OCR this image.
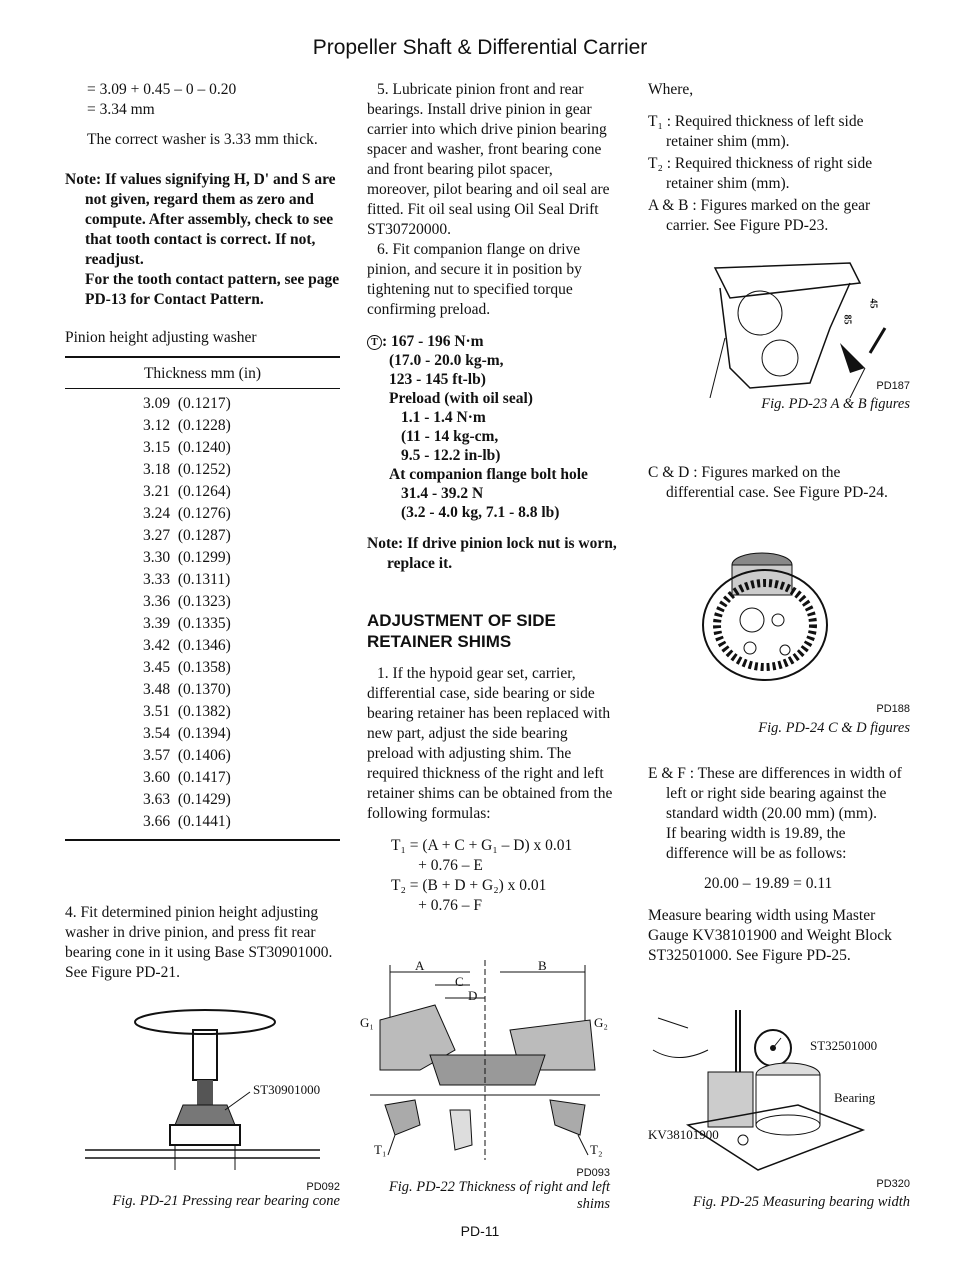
Propeller Shaft & Differential Carrier
= 3.09 + 0.45 – 0 – 0.20
= 3.34 mm

The correct washer is 3.33 mm thick.

Note: If values signifying H, D' and S are not given, regard them as zero and compute. After assembly, check to see that tooth contact is correct. If not, readjust.

For the tooth contact pattern, see page PD-13 for Contact Pattern.

Pinion height adjusting washer
Thickness mm (in)
3.09  (0.1217)
3.12  (0.1228)
3.15  (0.1240)
3.18  (0.1252)
3.21  (0.1264)
3.24  (0.1276)
3.27  (0.1287)
3.30  (0.1299)
3.33  (0.1311)
3.36  (0.1323)
3.39  (0.1335)
3.42  (0.1346)
3.45  (0.1358)
3.48  (0.1370)
3.51  (0.1382)
3.54  (0.1394)
3.57  (0.1406)
3.60  (0.1417)
3.63  (0.1429)
3.66  (0.1441)

4. Fit determined pinion height adjusting washer in drive pinion, and press fit rear bearing cone in it using Base ST30901000. See Figure PD-21.

ST30901000
PD092
Fig. PD-21 Pressing rear bearing cone

5. Lubricate pinion front and rear bearings. Install drive pinion in gear carrier into which drive pinion bearing spacer and washer, front bearing cone and front bearing pilot spacer, moreover, pilot bearing and oil seal are fitted. Fit oil seal using Oil Seal Drift ST30720000.

6. Fit companion flange on drive pinion, and secure it in position by tightening nut to specified torque confirming preload.

T : 167 - 196 N·m
(17.0 - 20.0 kg-m,
123 - 145 ft-lb)
Preload (with oil seal)
1.1 - 1.4 N·m
(11 - 14 kg-cm,
9.5 - 12.2 in-lb)
At companion flange bolt hole
31.4 - 39.2 N
(3.2 - 4.0 kg, 7.1 - 8.8 lb)

Note: If drive pinion lock nut is worn, replace it.

ADJUSTMENT OF SIDE RETAINER SHIMS

1. If the hypoid gear set, carrier, differential case, side bearing or side bearing retainer has been replaced with new part, adjust the side bearing preload with adjusting shim. The required thickness of the right and left retainer shims can be obtained from the following formulas:

T₁ = (A + C + G₁ – D) x 0.01
+ 0.76 – E
T₂ = (B + D + G₂) x 0.01
+ 0.76 – F
A	B
C
D
G₁	G₂
T₁	T₂
PD093
Fig. PD-22 Thickness of right and left shims

Where,

T₁ : Required thickness of left side retainer shim (mm).
T₂ : Required thickness of right side retainer shim (mm).
A & B : Figures marked on the gear carrier. See Figure PD-23.
45
85
PD187
Fig. PD-23 A & B figures
C & D : Figures marked on the differential case. See Figure PD-24.
PD188
Fig. PD-24 C & D figures
E & F : These are differences in width of left or right side bearing against the standard width (20.00 mm) (mm).
If bearing width is 19.89, the difference will be as follows:
20.00 – 19.89 = 0.11

Measure bearing width using Master Gauge KV38101900 and Weight Block ST32501000. See Figure PD-25.

ST32501000
Bearing
KV38101900
PD320
Fig. PD-25 Measuring bearing width
PD-11
